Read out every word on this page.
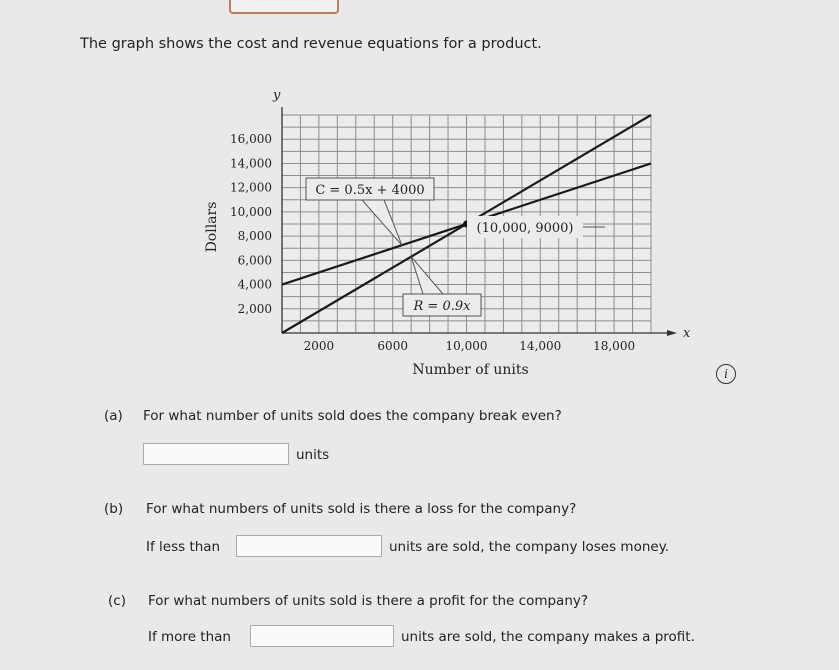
The graph shows the cost and revenue equations for a product.
2000	6000	10,000	14,000	18,000
2,000
4,000
6,000
8,000
10,000
12,000
14,000
16,000
Number of units
Dollars
x
y
C = 0.5x + 4000
R = 0.9x
(10,000, 9000)
i
(a) For what number of units sold does the company break even?
units
(b) For what numbers of units sold is there a loss for the company?
If less than	units are sold, the company loses money.
(c) For what numbers of units sold is there a profit for the company?
If more than	units are sold, the company makes a profit.
